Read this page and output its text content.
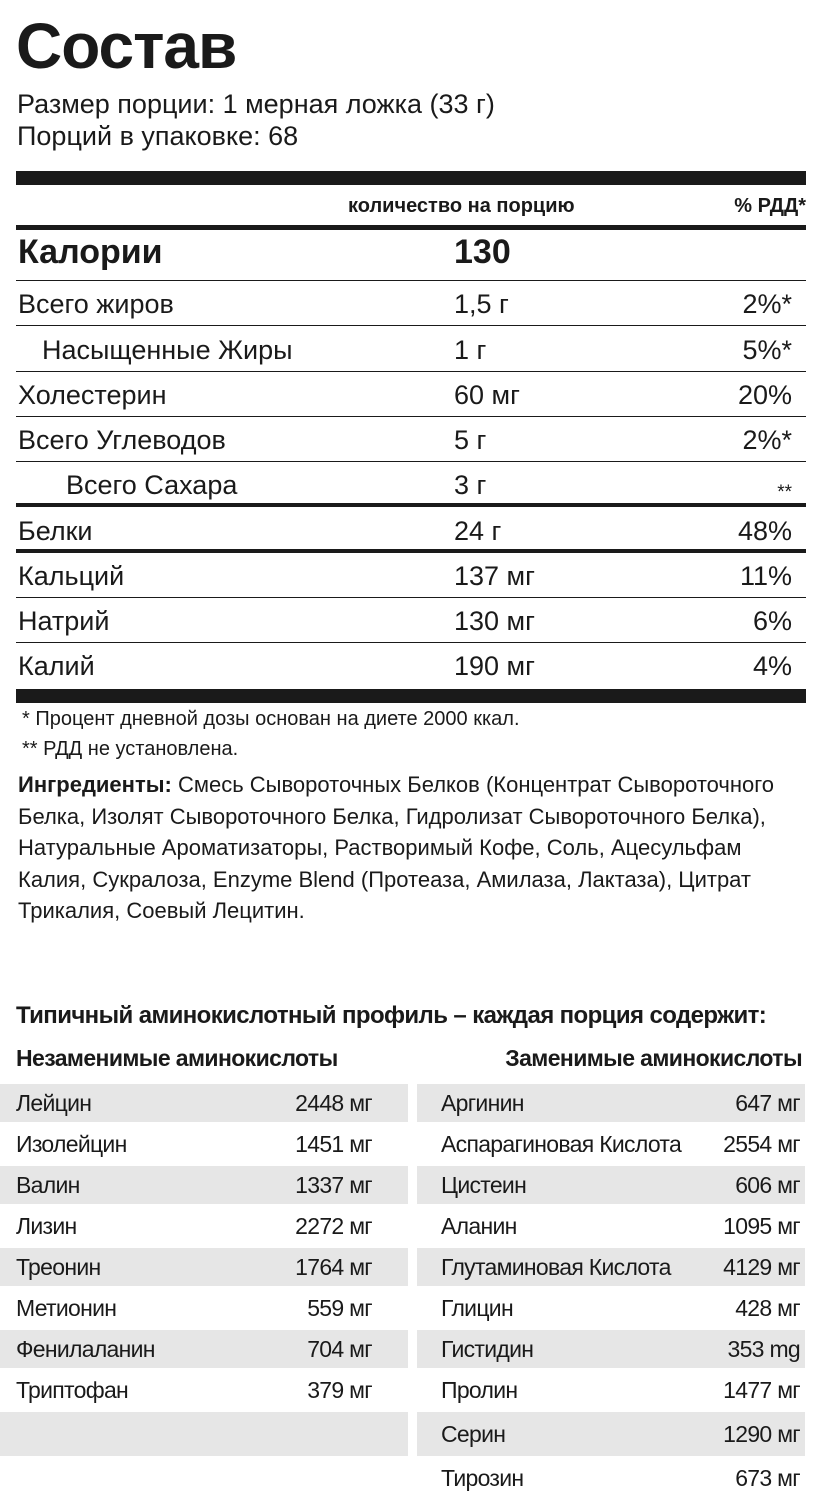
Состав
Размер порции: 1 мерная ложка (33 г)
Порций в упаковке: 68
количество на порцию	% РДД*
Калории	130
Всего жиров	1,5 г	2%*
Насыщенные Жиры	1 г	5%*
Холестерин	60 мг	20%
Всего Углеводов	5 г	2%*
Всего Сахара	3 г	**
Белки	24 г	48%
Кальций	137 мг	11%
Натрий	130 мг	6%
Калий	190 мг	4%
* Процент дневной дозы основан на диете 2000 ккал.
** РДД не установлена.
Ингредиенты: Смесь Сывороточных Белков (Концентрат Сывороточного Белка, Изолят Сывороточного Белка, Гидролизат Сывороточного Белка), Натуральные Ароматизаторы, Растворимый Кофе, Соль, Ацесульфам Калия, Сукралоза, Enzyme Blend (Протеаза, Амилаза, Лактаза), Цитрат Трикалия, Соевый Лецитин.
Типичный аминокислотный профиль – каждая порция содержит:
Незаменимые аминокислоты	Заменимые аминокислоты
Лейцин	2448 мг
Изолейцин	1451 мг
Валин	1337 мг
Лизин	2272 мг
Треонин	1764 мг
Метионин	559 мг
Фенилаланин	704 мг
Триптофан	379 мг
Аргинин	647 мг
Аспарагиновая Кислота 2554 мг
Цистеин	606 мг
Аланин	1095 мг
Глутаминовая Кислота 4129 мг
Глицин	428 мг
Гистидин	353 mg
Пролин	1477 мг
Серин	1290 мг
Тирозин	673 мг
